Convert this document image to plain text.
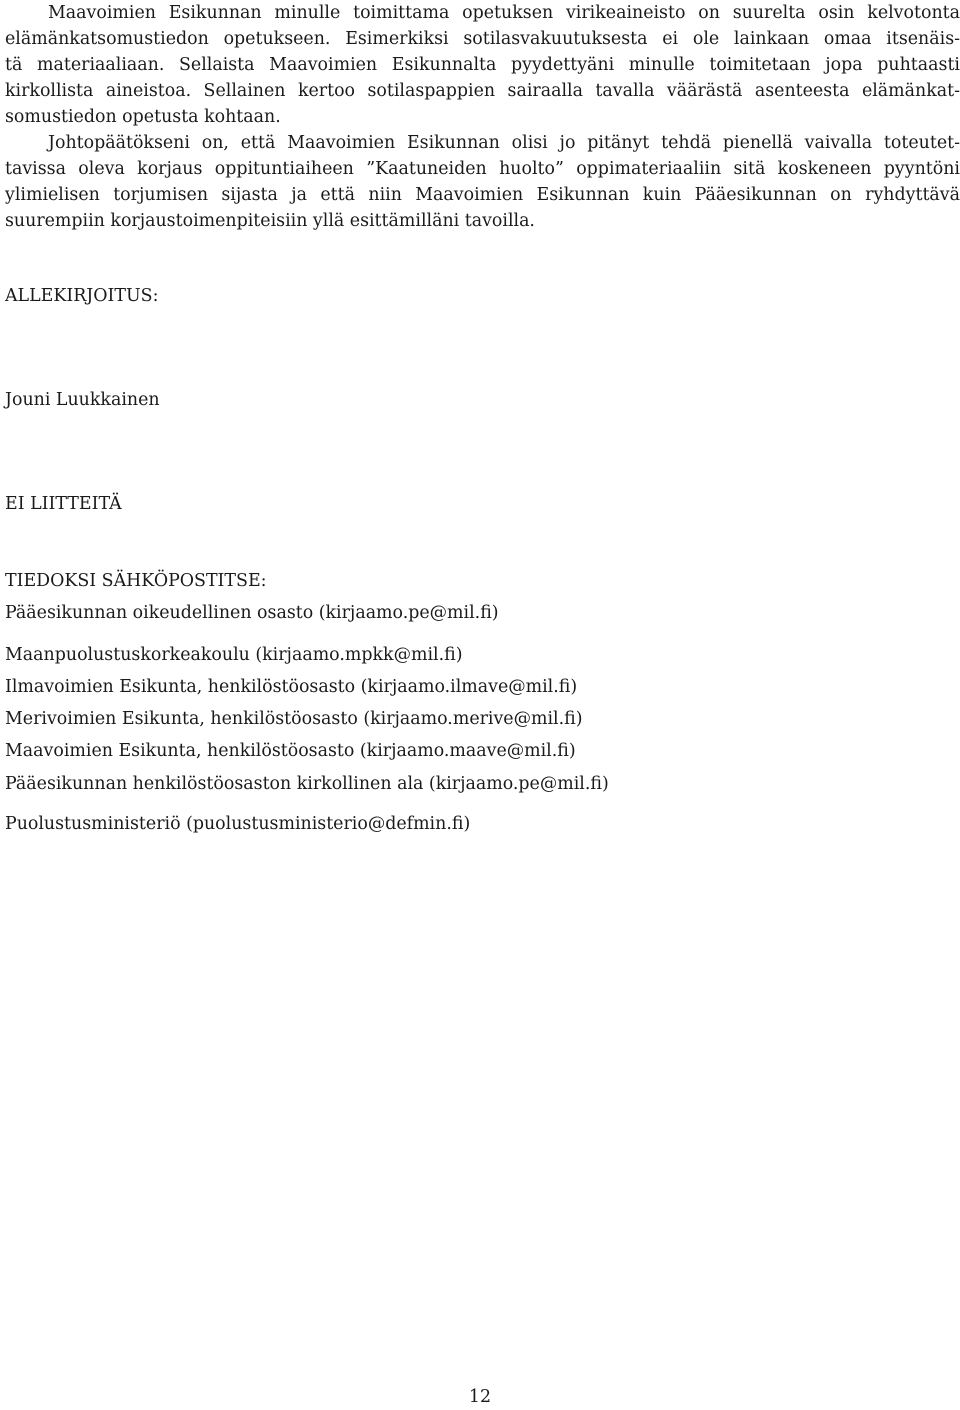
Maavoimien Esikunnan minulle toimittama opetuksen virikeaineisto on suurelta osin kelvotonta
elämänkatsomustiedon opetukseen. Esimerkiksi sotilasvakuutuksesta ei ole lainkaan omaa itsenäis-
tä materiaaliaan. Sellaista Maavoimien Esikunnalta pyydettyäni minulle toimitetaan jopa puhtaasti
kirkollista aineistoa. Sellainen kertoo sotilaspappien sairaalla tavalla väärästä asenteesta elämänkat-
somustiedon opetusta kohtaan.
Johtopäätökseni on, että Maavoimien Esikunnan olisi jo pitänyt tehdä pienellä vaivalla toteutet-
tavissa oleva korjaus oppituntiaiheen ”Kaatuneiden huolto” oppimateriaaliin sitä koskeneen pyyntöni
ylimielisen torjumisen sijasta ja että niin Maavoimien Esikunnan kuin Pääesikunnan on ryhdyttävä
suurempiin korjaustoimenpiteisiin yllä esittämilläni tavoilla.
ALLEKIRJOITUS:
Jouni Luukkainen
EI LIITTEITÄ
TIEDOKSI SÄHKÖPOSTITSE:
Pääesikunnan oikeudellinen osasto (kirjaamo.pe@mil.fi)
Maanpuolustuskorkeakoulu (kirjaamo.mpkk@mil.fi)
Ilmavoimien Esikunta, henkilöstöosasto (kirjaamo.ilmave@mil.fi)
Merivoimien Esikunta, henkilöstöosasto (kirjaamo.merive@mil.fi)
Maavoimien Esikunta, henkilöstöosasto (kirjaamo.maave@mil.fi)
Pääesikunnan henkilöstöosaston kirkollinen ala (kirjaamo.pe@mil.fi)
Puolustusministeriö (puolustusministerio@defmin.fi)
12
